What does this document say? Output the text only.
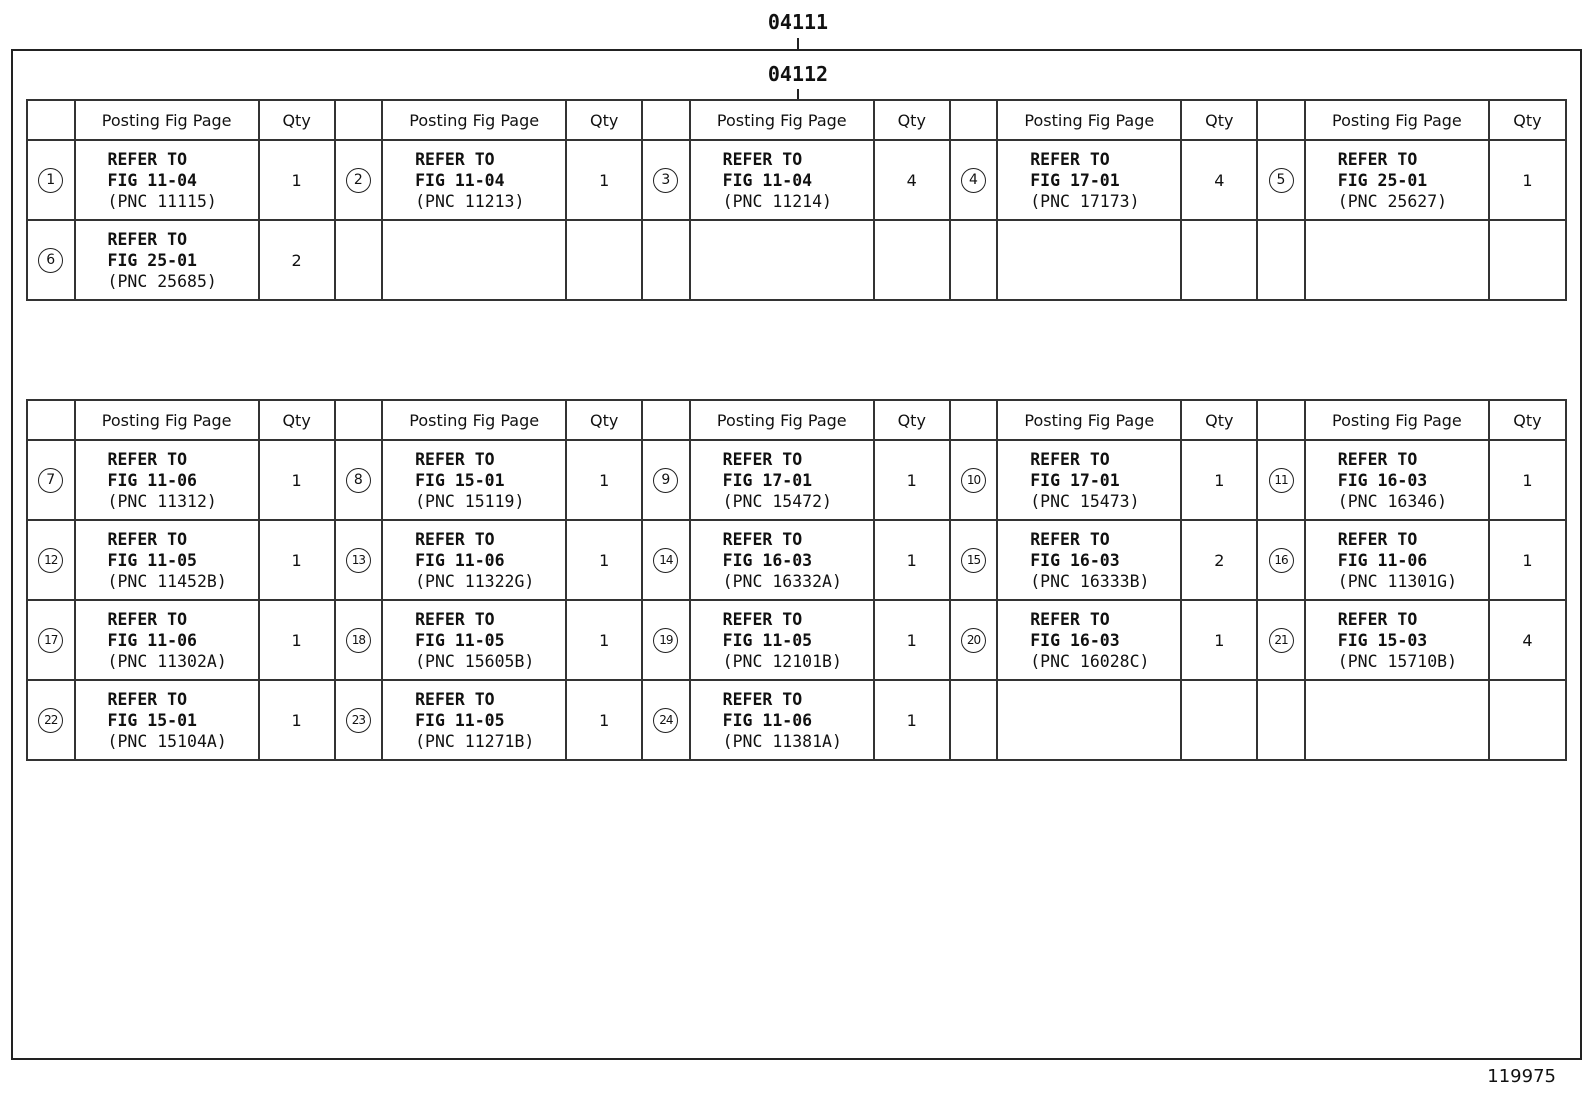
04111
04112
	Posting Fig Page	Qty		Posting Fig Page	Qty		Posting Fig Page	Qty		Posting Fig Page	Qty		Posting Fig Page	Qty
1	REFER TO
FIG 11-04
(PNC 11115)	1	2	REFER TO
FIG 11-04
(PNC 11213)	1	3	REFER TO
FIG 11-04
(PNC 11214)	4	4	REFER TO
FIG 17-01
(PNC 17173)	4	5	REFER TO
FIG 25-01
(PNC 25627)	1
6	REFER TO
FIG 25-01
(PNC 25685)	2												
	Posting Fig Page	Qty		Posting Fig Page	Qty		Posting Fig Page	Qty		Posting Fig Page	Qty		Posting Fig Page	Qty
7	REFER TO
FIG 11-06
(PNC 11312)	1	8	REFER TO
FIG 15-01
(PNC 15119)	1	9	REFER TO
FIG 17-01
(PNC 15472)	1	10	REFER TO
FIG 17-01
(PNC 15473)	1	11	REFER TO
FIG 16-03
(PNC 16346)	1
12	REFER TO
FIG 11-05
(PNC 11452B)	1	13	REFER TO
FIG 11-06
(PNC 11322G)	1	14	REFER TO
FIG 16-03
(PNC 16332A)	1	15	REFER TO
FIG 16-03
(PNC 16333B)	2	16	REFER TO
FIG 11-06
(PNC 11301G)	1
17	REFER TO
FIG 11-06
(PNC 11302A)	1	18	REFER TO
FIG 11-05
(PNC 15605B)	1	19	REFER TO
FIG 11-05
(PNC 12101B)	1	20	REFER TO
FIG 16-03
(PNC 16028C)	1	21	REFER TO
FIG 15-03
(PNC 15710B)	4
22	REFER TO
FIG 15-01
(PNC 15104A)	1	23	REFER TO
FIG 11-05
(PNC 11271B)	1	24	REFER TO
FIG 11-06
(PNC 11381A)	1						
119975
